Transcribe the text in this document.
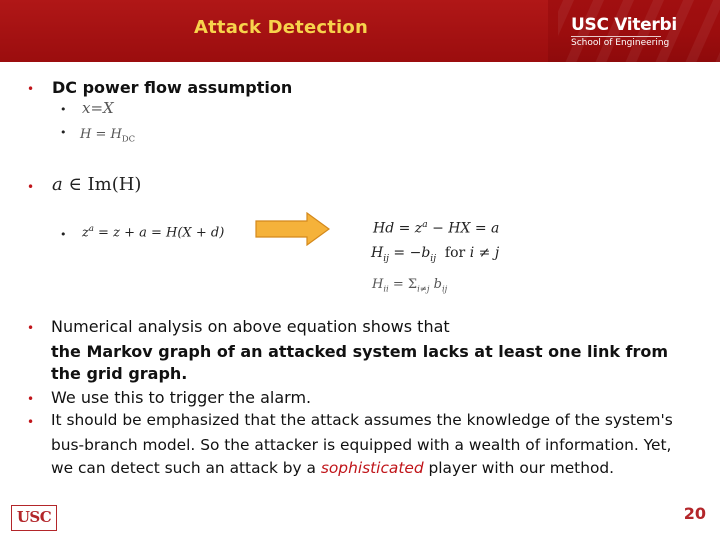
Attack Detection	USC Viterbi
School of Engineering
• DC power flow assumption
• x=X
• $H = H_{DC}$
• a ∈ Im(H)
• $z^a = z + a = H(X + d)$	$Hd = z^a$ − HX = a
$H_{ij} = -b_{ij}$  for i ≠ j
$H_{ii} = \Sigma_{i\ne j}$ $b_{ij}$
• Numerical analysis on above equation shows that
the Markov graph of an attacked system lacks at least one link from
the grid graph.
• We use this to trigger the alarm.
• It should be emphasized that the attack assumes the knowledge of the system's
bus-branch model. So the attacker is equipped with a wealth of information. Yet,
we can detect such an attack by a sophisticated player with our method.
USC	20
